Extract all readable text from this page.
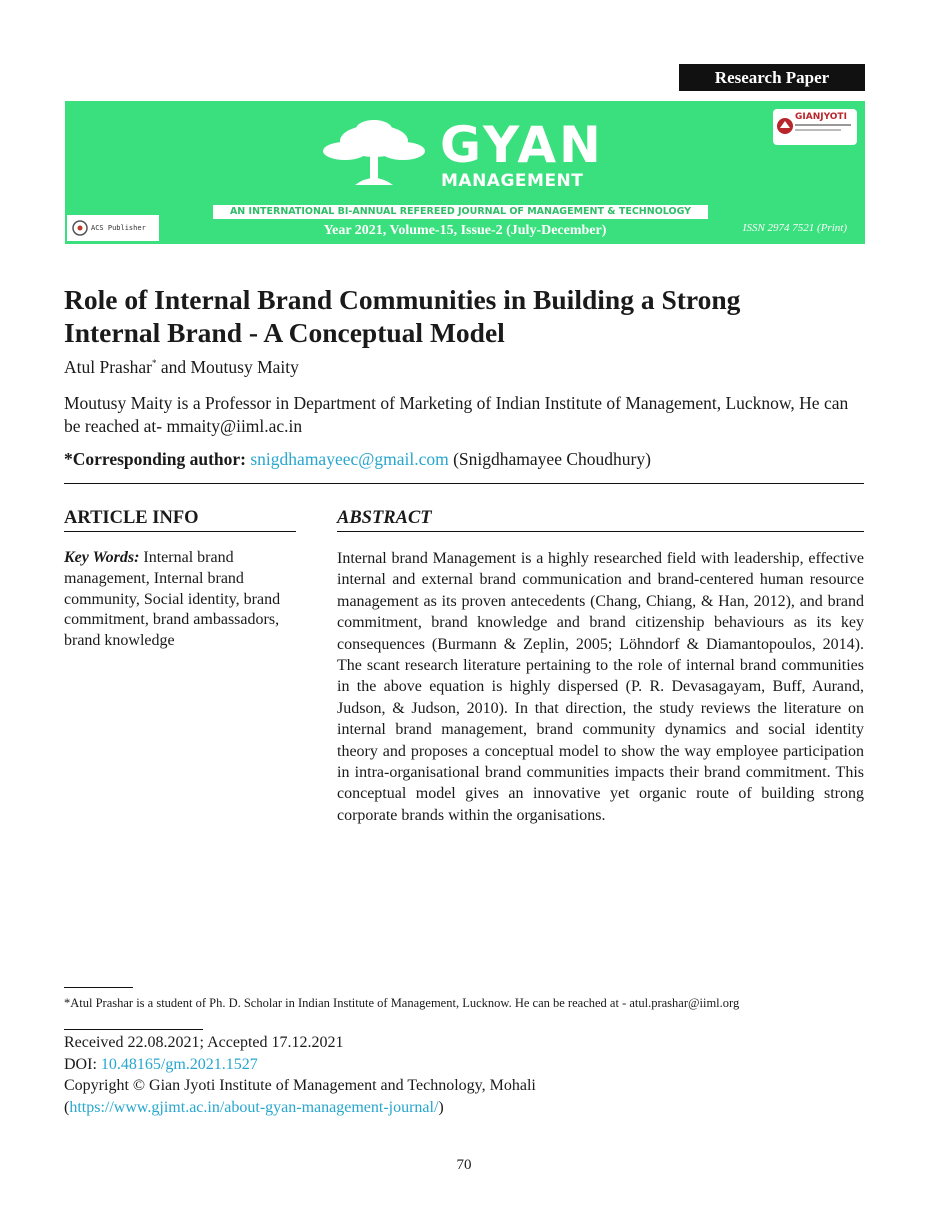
Research Paper
GYAN
MANAGEMENT
AN INTERNATIONAL BI-ANNUAL REFEREED JOURNAL OF MANAGEMENT & TECHNOLOGY
Year 2021, Volume-15, Issue-2 (July-December)	ISSN 2974 7521 (Print)
GIANJYOTI
ACS Publisher
Role of Internal Brand Communities in Building a Strong
Internal Brand - A Conceptual Model
Atul Prashar* and Moutusy Maity
Moutusy Maity is a Professor in Department of Marketing of Indian Institute of Management, Lucknow, He can be reached at- mmaity@iiml.ac.in
*Corresponding author: snigdhamayeec@gmail.com (Snigdhamayee Choudhury)
ARTICLE INFO
Key Words: Internal brand management, Internal brand community, Social identity, brand commitment, brand ambassadors, brand knowledge
ABSTRACT
Internal brand Management is a highly researched field with leadership, effective internal and external brand communication and brand-centered human resource management as its proven antecedents (Chang, Chiang, & Han, 2012), and brand commitment, brand knowledge and brand citizenship behaviours as its key consequences (Burmann & Zeplin, 2005; Löhndorf & Diamantopoulos, 2014). The scant research literature pertaining to the role of internal brand communities in the above equation is highly dispersed (P. R. Devasagayam, Buff, Aurand, Judson, & Judson, 2010). In that direction, the study reviews the literature on internal brand management, brand community dynamics and social identity theory and proposes a conceptual model to show the way employee participation in intra-organisational brand communities impacts their brand commitment. This conceptual model gives an innovative yet organic route of building strong corporate brands within the organisations.
*Atul Prashar is a student of Ph. D. Scholar in Indian Institute of Management, Lucknow. He can be reached at - atul.prashar@iiml.org
Received 22.08.2021; Accepted 17.12.2021
DOI: 10.48165/gm.2021.1527
Copyright © Gian Jyoti Institute of Management and Technology, Mohali
(https://www.gjimt.ac.in/about-gyan-management-journal/)
70
